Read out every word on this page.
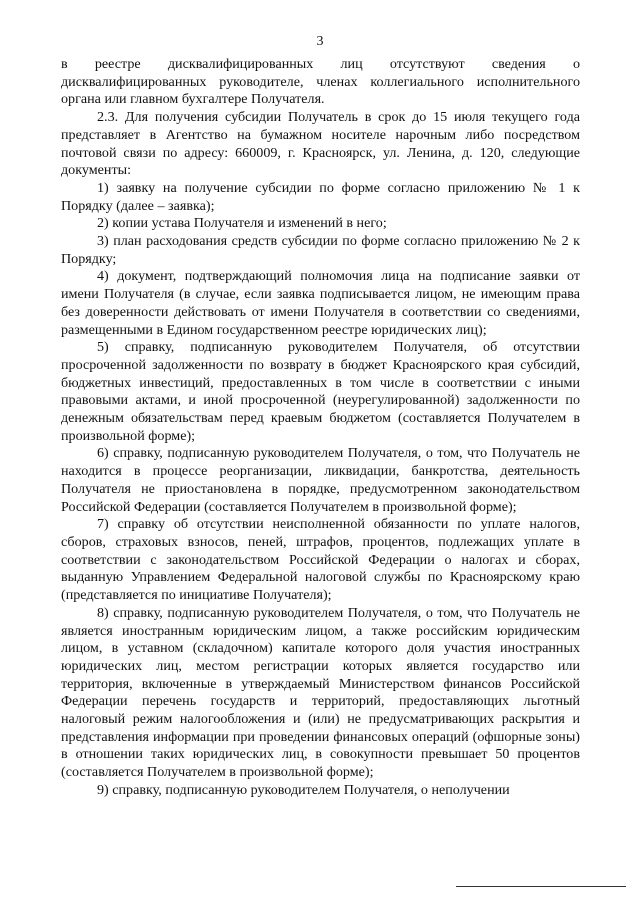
3

в реестре дисквалифицированных лиц отсутствуют сведения о дисквалифицированных руководителе, членах коллегиального исполнительного органа или главном бухгалтере Получателя.

2.3. Для получения субсидии Получатель в срок до 15 июля текущего года представляет в Агентство на бумажном носителе нарочным либо посредством почтовой связи по адресу: 660009, г. Красноярск, ул. Ленина, д. 120, следующие документы:

1) заявку на получение субсидии по форме согласно приложению № 1 к Порядку (далее – заявка);

2) копии устава Получателя и изменений в него;

3) план расходования средств субсидии по форме согласно приложению № 2 к Порядку;

4) документ, подтверждающий полномочия лица на подписание заявки от имени Получателя (в случае, если заявка подписывается лицом, не имеющим права без доверенности действовать от имени Получателя в соответствии со сведениями, размещенными в Едином государственном реестре юридических лиц);

5) справку, подписанную руководителем Получателя, об отсутствии просроченной задолженности по возврату в бюджет Красноярского края субсидий, бюджетных инвестиций, предоставленных в том числе в соответствии с иными правовыми актами, и иной просроченной (неурегулированной) задолженности по денежным обязательствам перед краевым бюджетом (составляется Получателем в произвольной форме);

6) справку, подписанную руководителем Получателя, о том, что Получатель не находится в процессе реорганизации, ликвидации, банкротства, деятельность Получателя не приостановлена в порядке, предусмотренном законодательством Российской Федерации (составляется Получателем в произвольной форме);

7) справку об отсутствии неисполненной обязанности по уплате налогов, сборов, страховых взносов, пеней, штрафов, процентов, подлежащих уплате в соответствии с законодательством Российской Федерации о налогах и сборах, выданную Управлением Федеральной налоговой службы по Красноярскому краю (представляется по инициативе Получателя);

8) справку, подписанную руководителем Получателя, о том, что Получатель не является иностранным юридическим лицом, а также российским юридическим лицом, в уставном (складочном) капитале которого доля участия иностранных юридических лиц, местом регистрации которых является государство или территория, включенные в утверждаемый Министерством финансов Российской Федерации перечень государств и территорий, предоставляющих льготный налоговый режим налогообложения и (или) не предусматривающих раскрытия и представления информации при проведении финансовых операций (офшорные зоны) в отношении таких юридических лиц, в совокупности превышает 50 процентов (составляется Получателем в произвольной форме);

9) справку, подписанную руководителем Получателя, о неполучении
